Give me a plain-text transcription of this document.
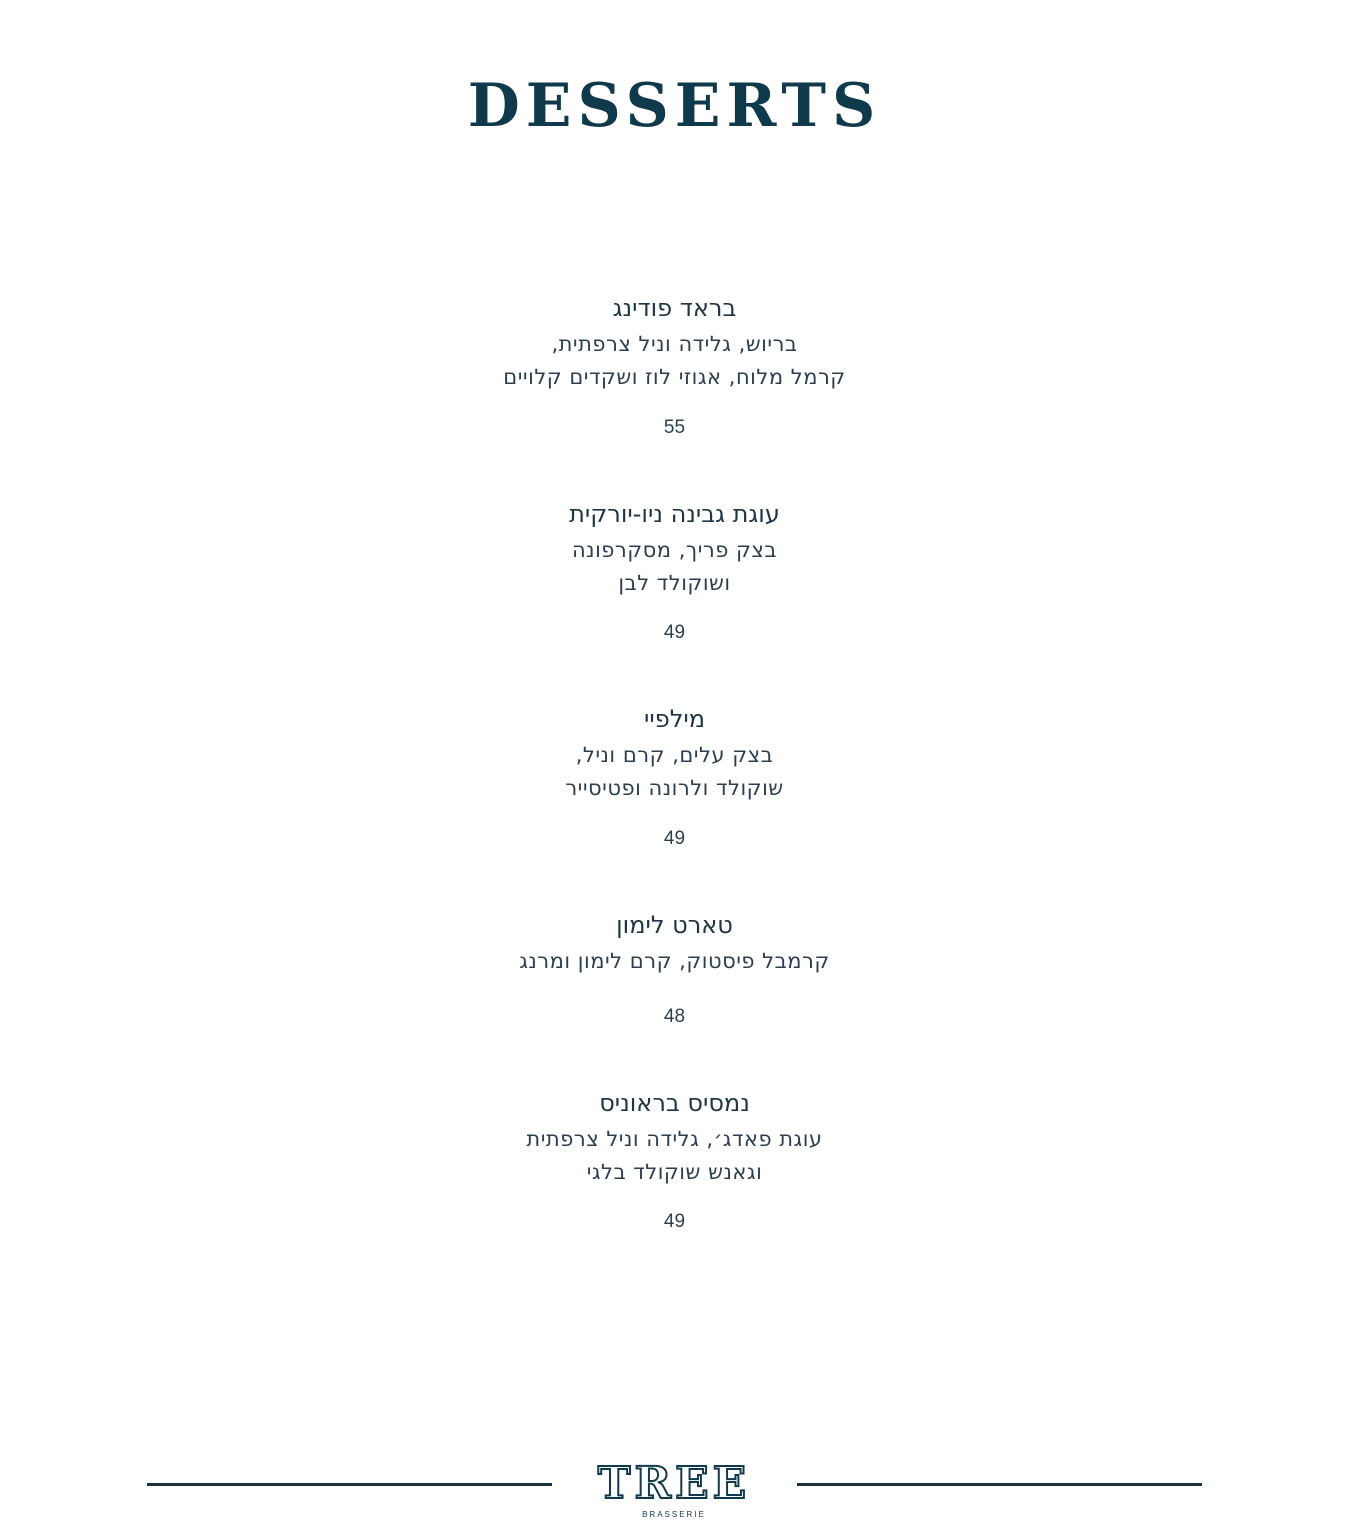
DESSERTS
בראד פודינג
בריוש, גלידה וניל צרפתית,
קרמל מלוח, אגוזי לוז ושקדים קלויים
55
עוגת גבינה ניו-יורקית
בצק פריך, מסקרפונה
ושוקולד לבן
49
מילפיי
בצק עלים, קרם וניל,
שוקולד ולרונה ופטיסייר
49
טארט לימון
קרמבל פיסטוק, קרם לימון ומרנג
48
נמסיס בראוניס
עוגת פאדג׳, גלידה וניל צרפתית
וגאנש שוקולד בלגי
49
TREE
BRASSERIE
